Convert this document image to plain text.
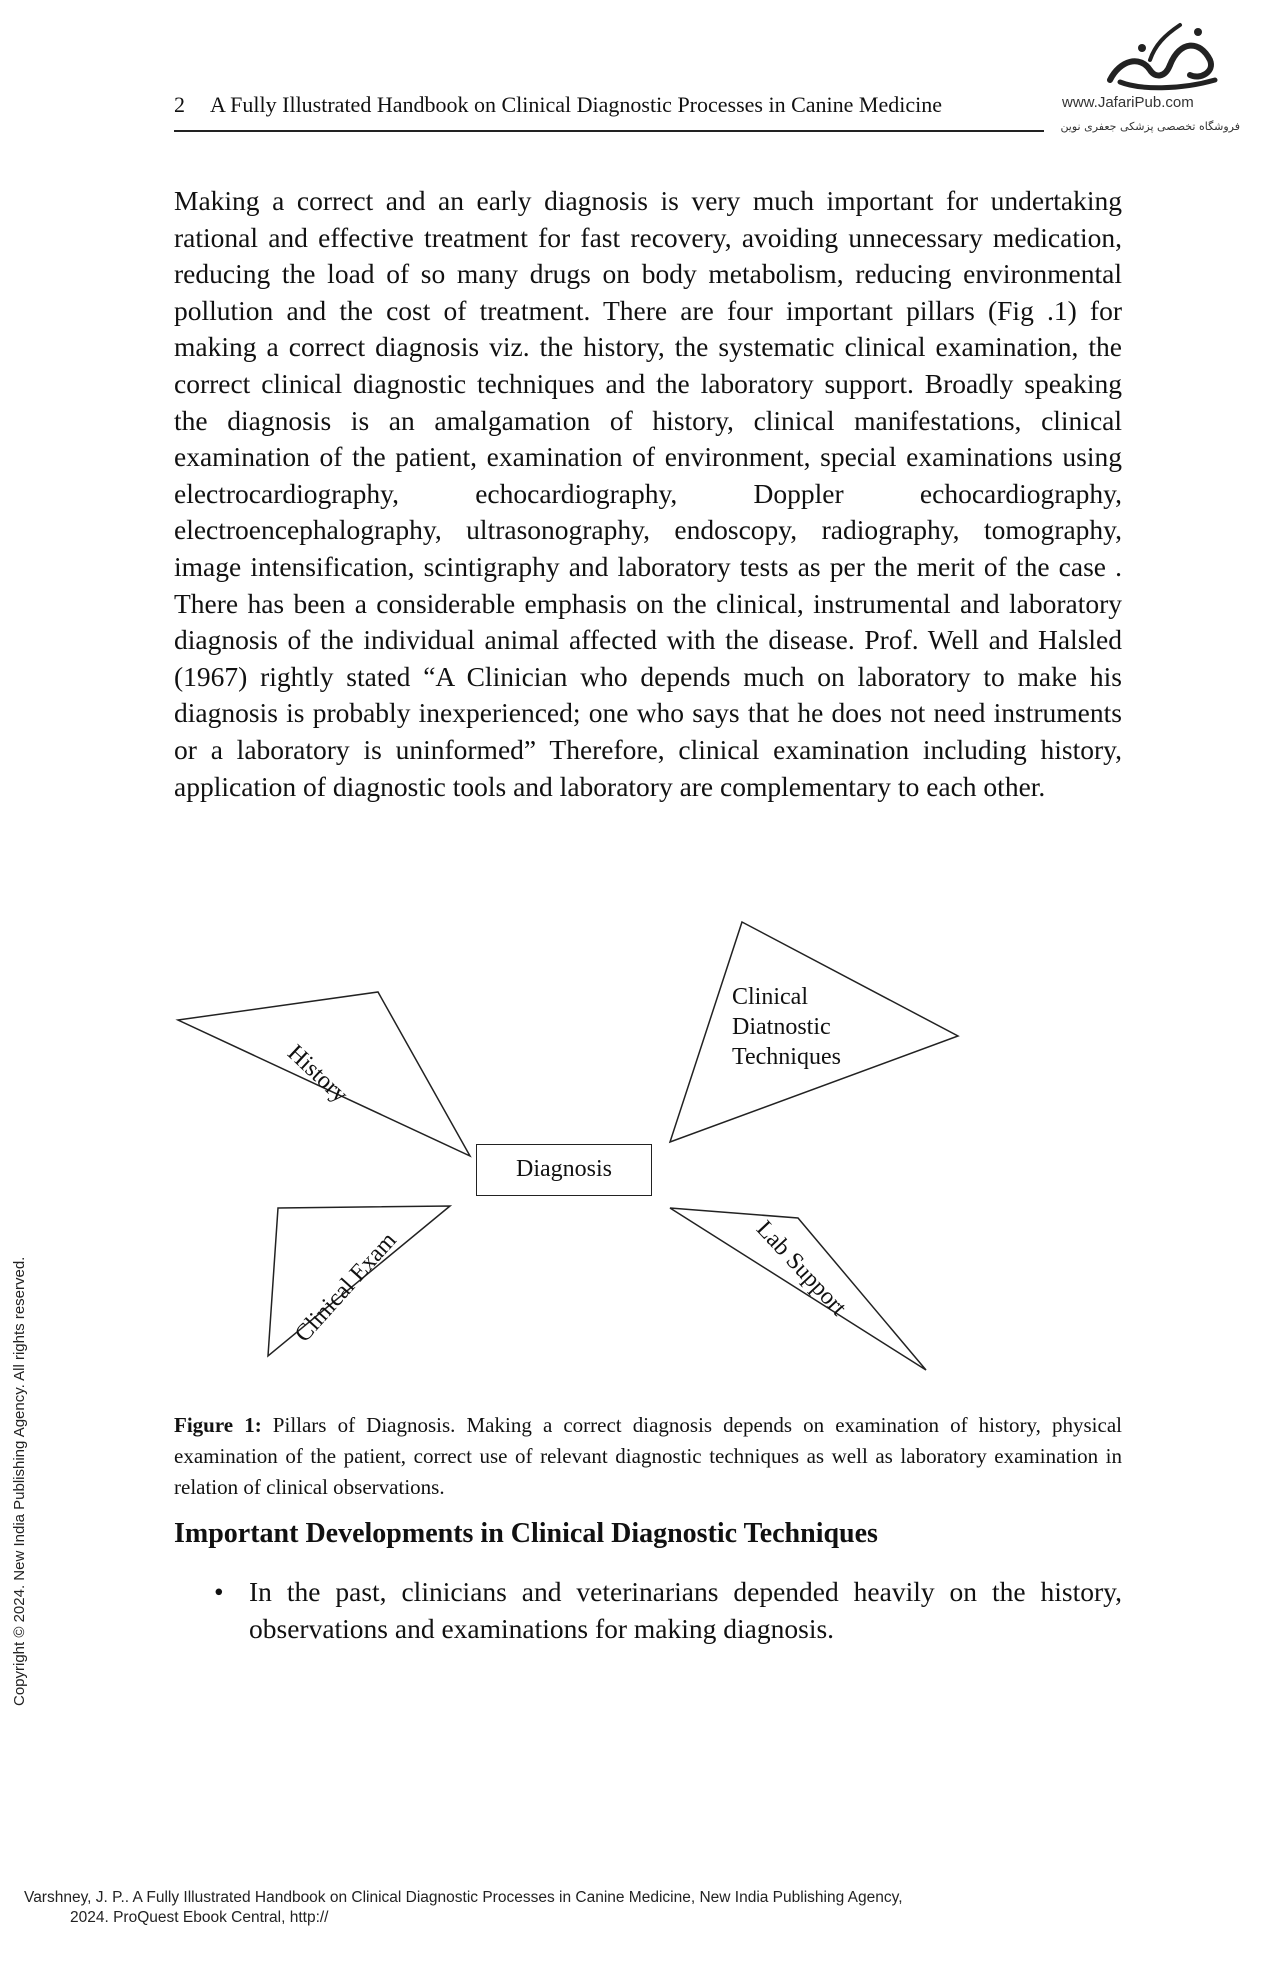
2 A Fully Illustrated Handbook on Clinical Diagnostic Processes in Canine Medicine	www.JafariPub.com
فروشگاه تخصصی پزشکی جعفری نوین

Making a correct and an early diagnosis is very much important for undertaking rational and effective treatment for fast recovery, avoiding unnecessary medication, reducing the load of so many drugs on body metabolism, reducing environmental pollution and the cost of treatment. There are four important pillars (Fig .1) for making a correct diagnosis viz. the history, the systematic clinical examination, the correct clinical diagnostic techniques and the laboratory support. Broadly speaking the diagnosis is an amalgamation of history, clinical manifestations, clinical examination of the patient, examination of environment, special examinations using electrocardiography, echocardiography, Doppler echocardiography, electroencephalography, ultrasonography, endoscopy, radiography, tomography, image intensification, scintigraphy and laboratory tests as per the merit of the case . There has been a considerable emphasis on the clinical, instrumental and laboratory diagnosis of the individual animal affected with the disease. Prof. Well and Halsled (1967) rightly stated “A Clinician who depends much on laboratory to make his diagnosis is probably inexperienced; one who says that he does not need instruments or a laboratory is uninformed” Therefore, clinical examination including history, application of diagnostic tools and laboratory are complementary to each other.

History
Clinical
Diatnostic
Techniques
Diagnosis
Clinical Exam	Lab Support

Figure 1: Pillars of Diagnosis. Making a correct diagnosis depends on examination of history, physical examination of the patient, correct use of relevant diagnostic techniques as well as laboratory examination in relation of clinical observations.

Important Developments in Clinical Diagnostic Techniques
• In the past, clinicians and veterinarians depended heavily on the history, observations and examinations for making diagnosis.
Copyright © 2024. New India Publishing Agency. All rights reserved.
Varshney, J. P.. A Fully Illustrated Handbook on Clinical Diagnostic Processes in Canine Medicine, New India Publishing Agency,
2024. ProQuest Ebook Central, http://
